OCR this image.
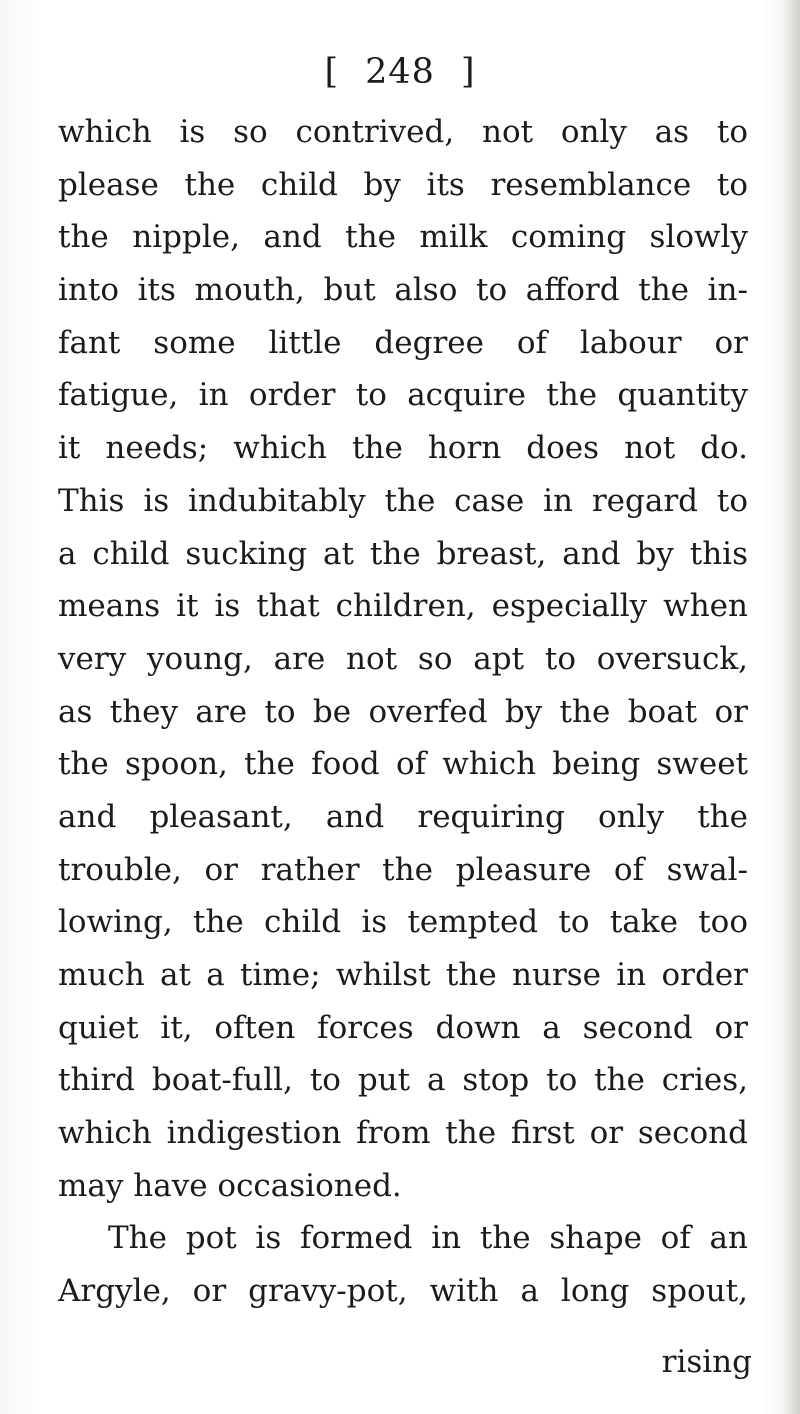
[ 248 ]
which is so contrived, not only as to
please the child by its resemblance to
the nipple, and the milk coming slowly
into its mouth, but also to afford the in-
fant some little degree of labour or
fatigue, in order to acquire the quantity
it needs; which the horn does not do.
This is indubitably the case in regard to
a child sucking at the breast, and by this
means it is that children, especially when
very young, are not so apt to oversuck,
as they are to be overfed by the boat or
the spoon, the food of which being sweet
and pleasant, and requiring only the
trouble, or rather the pleasure of swal-
lowing, the child is tempted to take too
much at a time; whilst the nurse in order
quiet it, often forces down a second or
third boat-full, to put a stop to the cries,
which indigestion from the first or second
may have occasioned.
The pot is formed in the shape of an
Argyle, or gravy-pot, with a long spout,
rising
